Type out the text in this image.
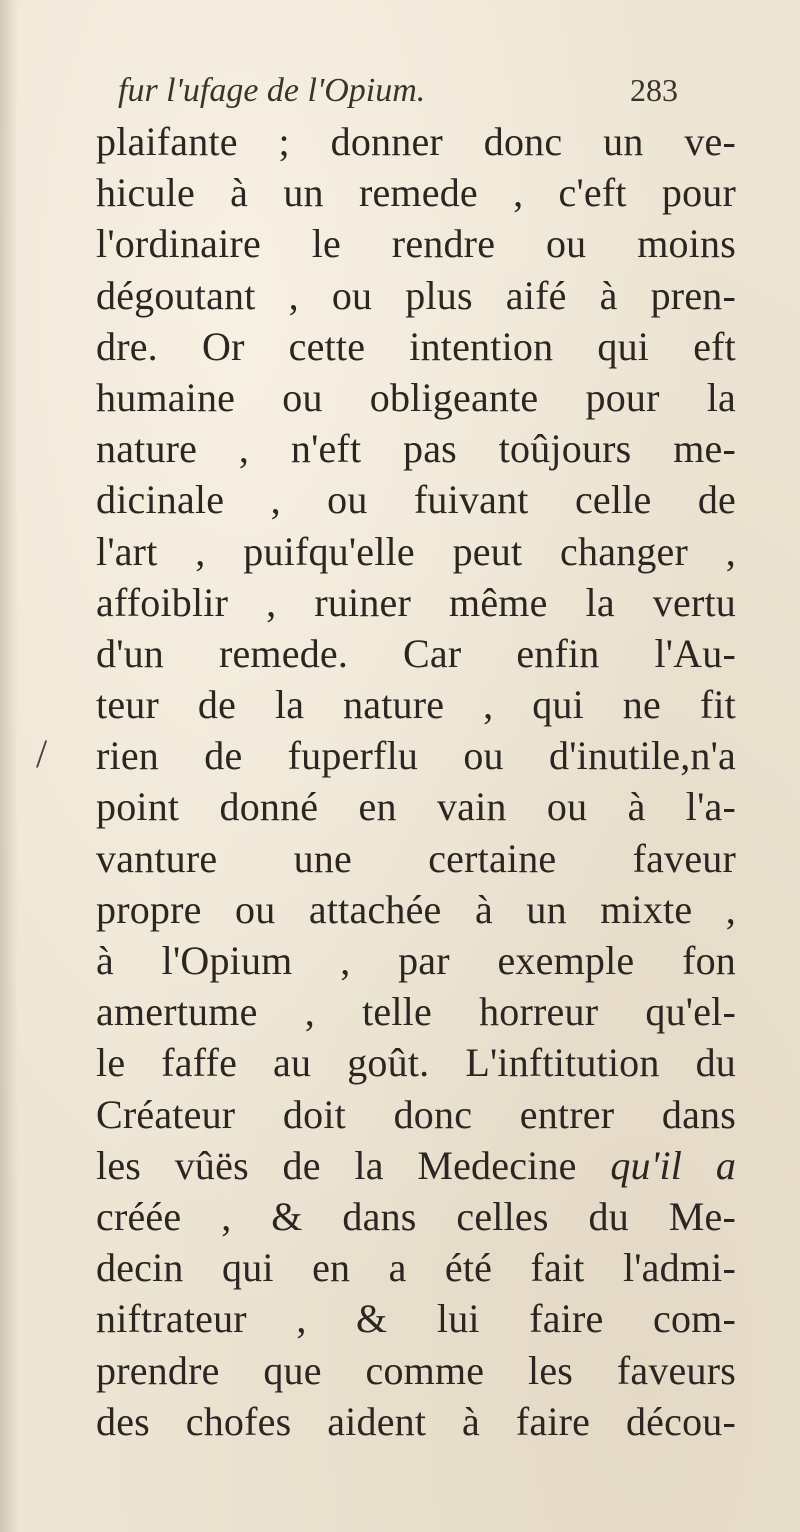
fur l'ufage de l'Opium.	283
/
plaifante ; donner donc un ve-
hicule à un remede , c'eft pour
l'ordinaire le rendre ou moins
dégoutant , ou plus aifé à pren-
dre. Or cette intention qui eft
humaine ou obligeante pour la
nature , n'eft pas toûjours me-
dicinale , ou fuivant celle de
l'art , puifqu'elle peut changer ,
affoiblir , ruiner même la vertu
d'un remede. Car enfin l'Au-
teur de la nature , qui ne fit
rien de fuperflu ou d'inutile,n'a
point donné en vain ou à l'a-
vanture une certaine faveur
propre ou attachée à un mixte ,
à l'Opium , par exemple fon
amertume , telle horreur qu'el-
le faffe au goût. L'inftitution du
Créateur doit donc entrer dans
les vûës de la Medecine qu'il a
créée , & dans celles du Me-
decin qui en a été fait l'admi-
niftrateur , & lui faire com-
prendre que comme les faveurs
des chofes aident à faire décou-
